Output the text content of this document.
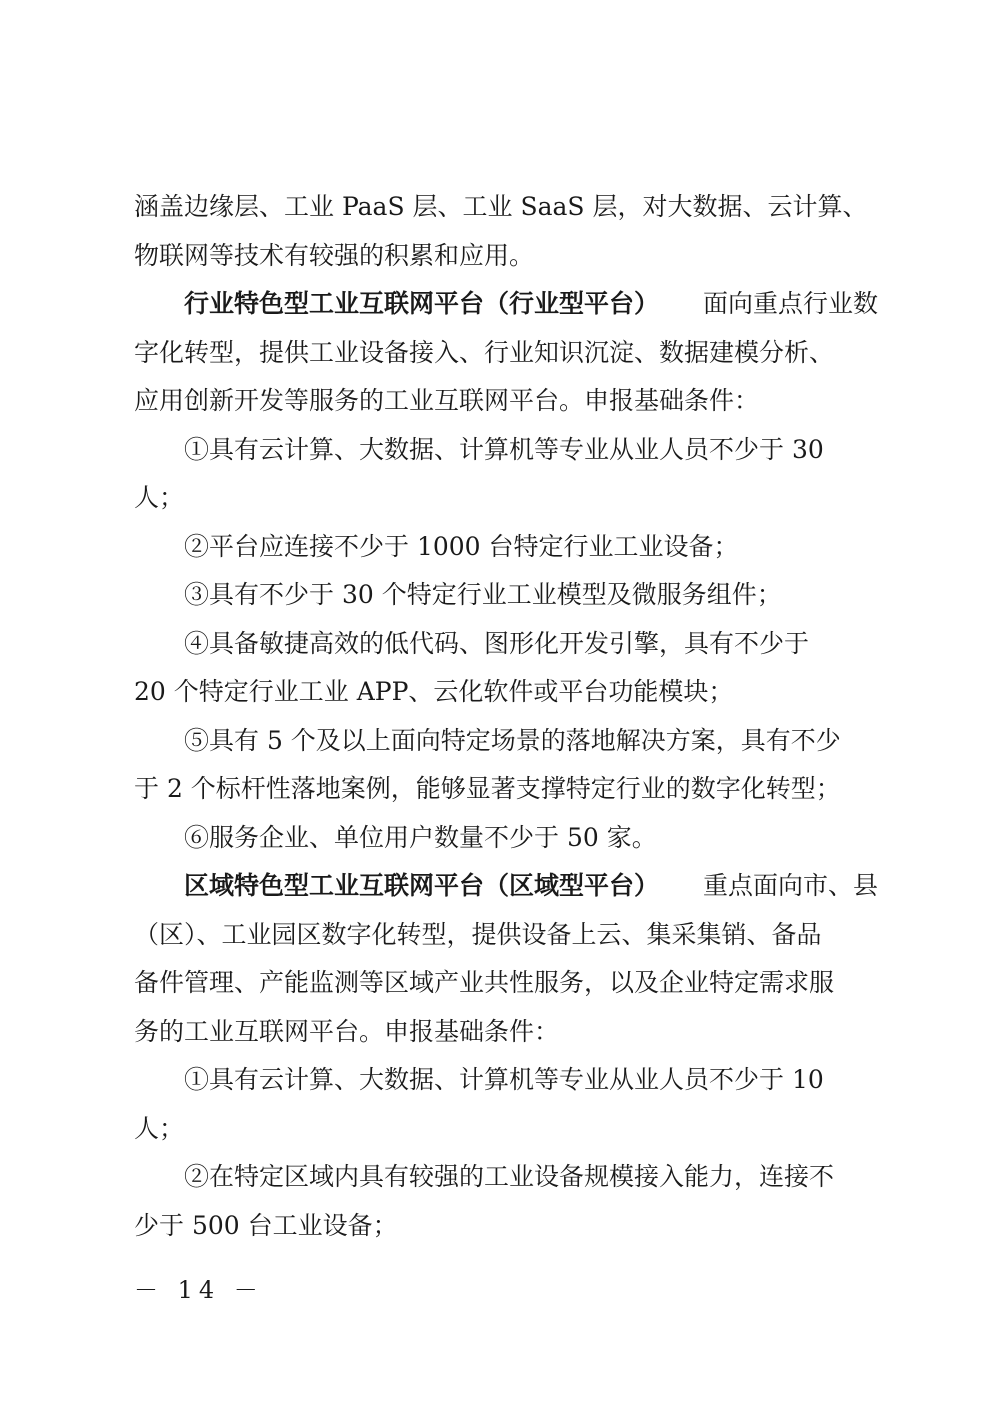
涵盖边缘层、工业 PaaS 层、工业 SaaS 层，对大数据、云计算、
物联网等技术有较强的积累和应用。
行业特色型工业互联网平台（行业型平台） 面向重点行业数
字化转型，提供工业设备接入、行业知识沉淀、数据建模分析、
应用创新开发等服务的工业互联网平台。申报基础条件：
①具有云计算、大数据、计算机等专业从业人员不少于 30
人；
②平台应连接不少于 1000 台特定行业工业设备；
③具有不少于 30 个特定行业工业模型及微服务组件；
④具备敏捷高效的低代码、图形化开发引擎，具有不少于
20 个特定行业工业 APP、云化软件或平台功能模块；
⑤具有 5 个及以上面向特定场景的落地解决方案，具有不少
于 2 个标杆性落地案例，能够显著支撑特定行业的数字化转型；
⑥服务企业、单位用户数量不少于 50 家。
区域特色型工业互联网平台（区域型平台） 重点面向市、县
（区）、工业园区数字化转型，提供设备上云、集采集销、备品
备件管理、产能监测等区域产业共性服务，以及企业特定需求服
务的工业互联网平台。申报基础条件：
①具有云计算、大数据、计算机等专业从业人员不少于 10
人；
②在特定区域内具有较强的工业设备规模接入能力，连接不
少于 500 台工业设备；
－ 14 －
